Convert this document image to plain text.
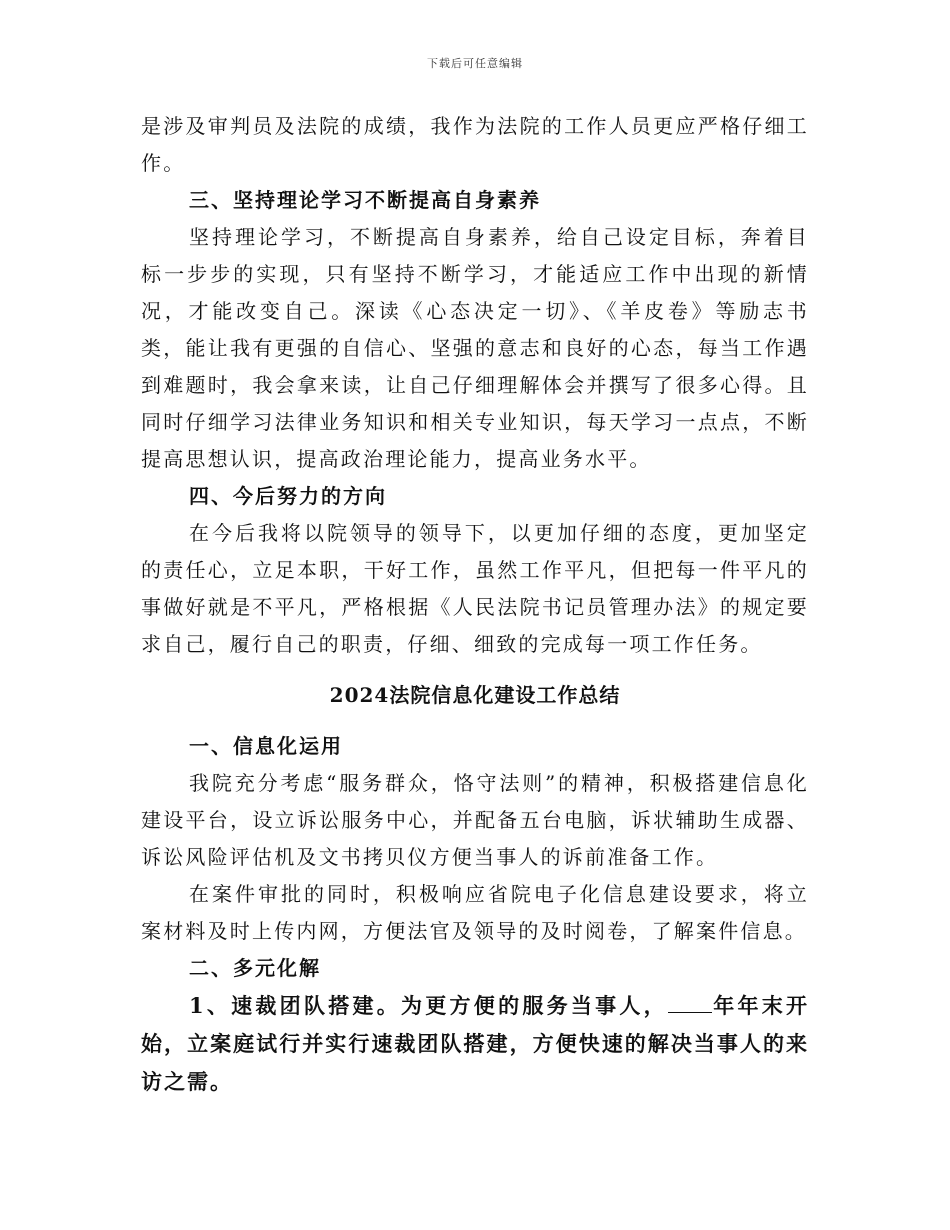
下载后可任意编辑

是涉及审判员及法院的成绩，我作为法院的工作人员更应严格仔细工作。

三、坚持理论学习不断提高自身素养

坚持理论学习，不断提高自身素养，给自己设定目标，奔着目标一步步的实现，只有坚持不断学习，才能适应工作中出现的新情况，才能改变自己。深读《心态决定一切》、《羊皮卷》等励志书类，能让我有更强的自信心、坚强的意志和良好的心态，每当工作遇到难题时，我会拿来读，让自己仔细理解体会并撰写了很多心得。且同时仔细学习法律业务知识和相关专业知识，每天学习一点点，不断提高思想认识，提高政治理论能力，提高业务水平。

四、今后努力的方向

在今后我将以院领导的领导下，以更加仔细的态度，更加坚定的责任心，立足本职，干好工作，虽然工作平凡，但把每一件平凡的事做好就是不平凡，严格根据《人民法院书记员管理办法》的规定要求自己，履行自己的职责，仔细、细致的完成每一项工作任务。

2024法院信息化建设工作总结

一、信息化运用

我院充分考虑“服务群众，恪守法则”的精神，积极搭建信息化建设平台，设立诉讼服务中心，并配备五台电脑，诉状辅助生成器、诉讼风险评估机及文书拷贝仪方便当事人的诉前准备工作。

在案件审批的同时，积极响应省院电子化信息建设要求，将立案材料及时上传内网，方便法官及领导的及时阅卷，了解案件信息。

二、多元化解

1、速裁团队搭建。为更方便的服务当事人， 年年末开始，立案庭试行并实行速裁团队搭建，方便快速的解决当事人的来访之需。
